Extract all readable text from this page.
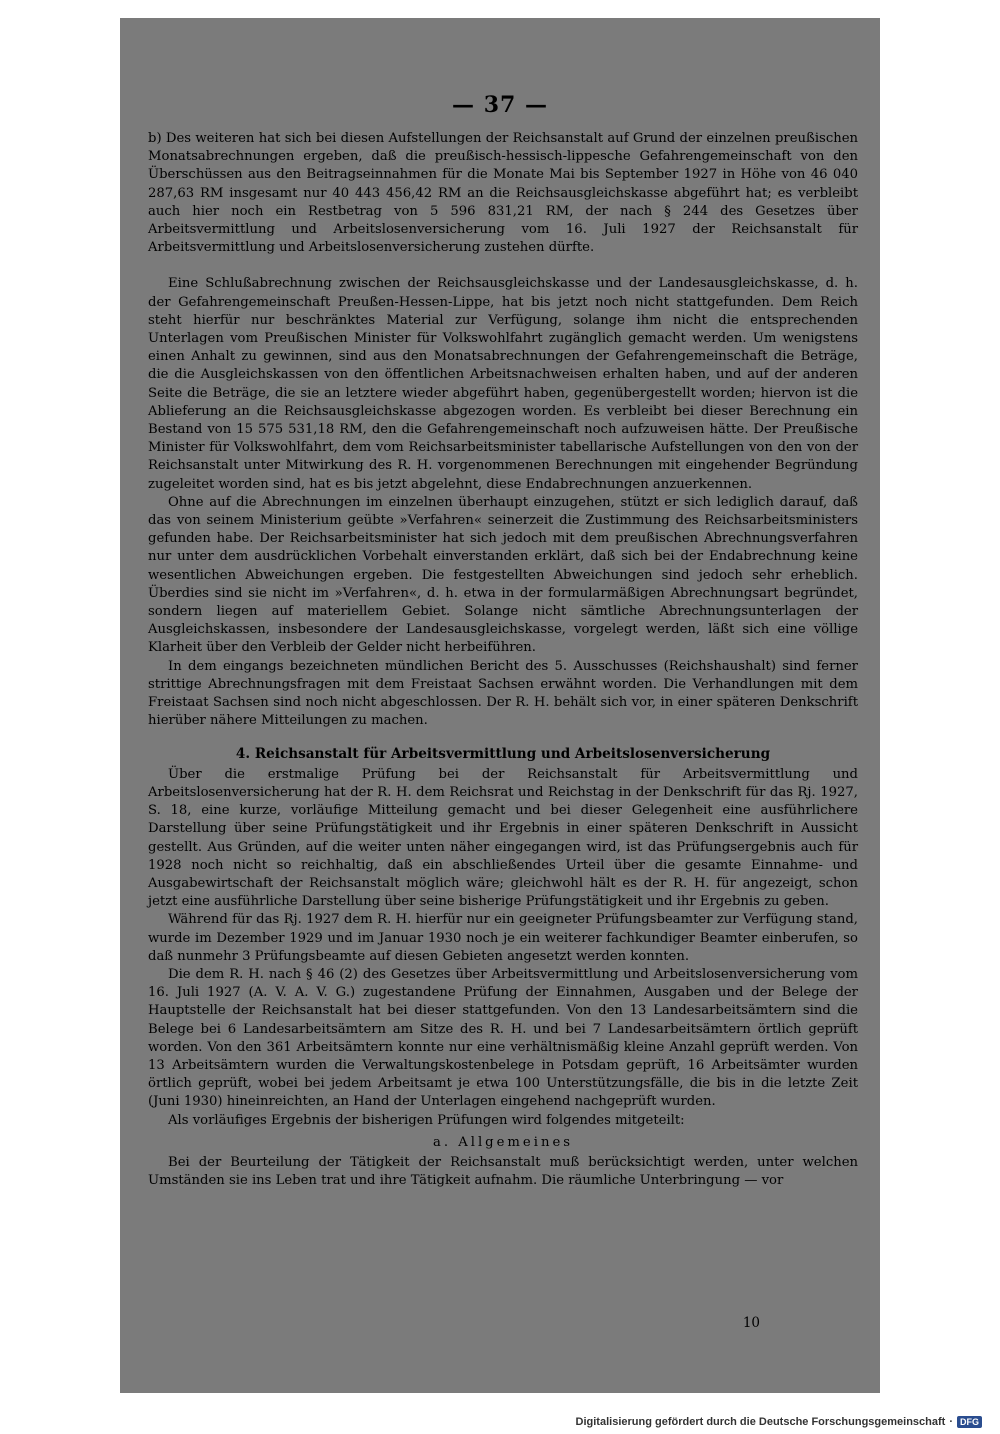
— 37 —

b) Des weiteren hat sich bei diesen Aufstellungen der Reichsanstalt auf Grund der einzelnen preußischen Monatsabrechnungen ergeben, daß die preußisch-hessisch-lippesche Gefahrengemeinschaft von den Überschüssen aus den Beitragseinnahmen für die Monate Mai bis September 1927 in Höhe von 46 040 287,63 RM insgesamt nur 40 443 456,42 RM an die Reichsausgleichskasse abgeführt hat; es verbleibt auch hier noch ein Restbetrag von 5 596 831,21 RM, der nach § 244 des Gesetzes über Arbeitsvermittlung und Arbeitslosenversicherung vom 16. Juli 1927 der Reichsanstalt für Arbeitsvermittlung und Arbeitslosenversicherung zustehen dürfte.

Eine Schlußabrechnung zwischen der Reichsausgleichskasse und der Landesausgleichskasse, d. h. der Gefahrengemeinschaft Preußen-Hessen-Lippe, hat bis jetzt noch nicht stattgefunden. Dem Reich steht hierfür nur beschränktes Material zur Verfügung, solange ihm nicht die entsprechenden Unterlagen vom Preußischen Minister für Volkswohlfahrt zugänglich gemacht werden. Um wenigstens einen Anhalt zu gewinnen, sind aus den Monatsabrechnungen der Gefahrengemeinschaft die Beträge, die die Ausgleichskassen von den öffentlichen Arbeitsnachweisen erhalten haben, und auf der anderen Seite die Beträge, die sie an letztere wieder abgeführt haben, gegenübergestellt worden; hiervon ist die Ablieferung an die Reichsausgleichskasse abgezogen worden. Es verbleibt bei dieser Berechnung ein Bestand von 15 575 531,18 RM, den die Gefahrengemeinschaft noch aufzuweisen hätte. Der Preußische Minister für Volkswohlfahrt, dem vom Reichsarbeitsminister tabellarische Aufstellungen von den von der Reichsanstalt unter Mitwirkung des R. H. vorgenommenen Berechnungen mit eingehender Begründung zugeleitet worden sind, hat es bis jetzt abgelehnt, diese Endabrechnungen anzuerkennen.

Ohne auf die Abrechnungen im einzelnen überhaupt einzugehen, stützt er sich lediglich darauf, daß das von seinem Ministerium geübte »Verfahren« seinerzeit die Zustimmung des Reichsarbeitsministers gefunden habe. Der Reichsarbeitsminister hat sich jedoch mit dem preußischen Abrechnungsverfahren nur unter dem ausdrücklichen Vorbehalt einverstanden erklärt, daß sich bei der Endabrechnung keine wesentlichen Abweichungen ergeben. Die festgestellten Abweichungen sind jedoch sehr erheblich. Überdies sind sie nicht im »Verfahren«, d. h. etwa in der formularmäßigen Abrechnungsart begründet, sondern liegen auf materiellem Gebiet. Solange nicht sämtliche Abrechnungsunterlagen der Ausgleichskassen, insbesondere der Landesausgleichskasse, vorgelegt werden, läßt sich eine völlige Klarheit über den Verbleib der Gelder nicht herbeiführen.

In dem eingangs bezeichneten mündlichen Bericht des 5. Ausschusses (Reichshaushalt) sind ferner strittige Abrechnungsfragen mit dem Freistaat Sachsen erwähnt worden. Die Verhandlungen mit dem Freistaat Sachsen sind noch nicht abgeschlossen. Der R. H. behält sich vor, in einer späteren Denkschrift hierüber nähere Mitteilungen zu machen.

4. Reichsanstalt für Arbeitsvermittlung und Arbeitslosenversicherung

Über die erstmalige Prüfung bei der Reichsanstalt für Arbeitsvermittlung und Arbeitslosenversicherung hat der R. H. dem Reichsrat und Reichstag in der Denkschrift für das Rj. 1927, S. 18, eine kurze, vorläufige Mitteilung gemacht und bei dieser Gelegenheit eine ausführlichere Darstellung über seine Prüfungstätigkeit und ihr Ergebnis in einer späteren Denkschrift in Aussicht gestellt. Aus Gründen, auf die weiter unten näher eingegangen wird, ist das Prüfungsergebnis auch für 1928 noch nicht so reichhaltig, daß ein abschließendes Urteil über die gesamte Einnahme- und Ausgabewirtschaft der Reichsanstalt möglich wäre; gleichwohl hält es der R. H. für angezeigt, schon jetzt eine ausführliche Darstellung über seine bisherige Prüfungstätigkeit und ihr Ergebnis zu geben.

Während für das Rj. 1927 dem R. H. hierfür nur ein geeigneter Prüfungsbeamter zur Verfügung stand, wurde im Dezember 1929 und im Januar 1930 noch je ein weiterer fachkundiger Beamter einberufen, so daß nunmehr 3 Prüfungsbeamte auf diesen Gebieten angesetzt werden konnten.

Die dem R. H. nach § 46 (2) des Gesetzes über Arbeitsvermittlung und Arbeitslosenversicherung vom 16. Juli 1927 (A. V. A. V. G.) zugestandene Prüfung der Einnahmen, Ausgaben und der Belege der Hauptstelle der Reichsanstalt hat bei dieser stattgefunden. Von den 13 Landesarbeitsämtern sind die Belege bei 6 Landesarbeitsämtern am Sitze des R. H. und bei 7 Landesarbeitsämtern örtlich geprüft worden. Von den 361 Arbeitsämtern konnte nur eine verhältnismäßig kleine Anzahl geprüft werden. Von 13 Arbeitsämtern wurden die Verwaltungskostenbelege in Potsdam geprüft, 16 Arbeitsämter wurden örtlich geprüft, wobei bei jedem Arbeitsamt je etwa 100 Unterstützungsfälle, die bis in die letzte Zeit (Juni 1930) hineinreichten, an Hand der Unterlagen eingehend nachgeprüft wurden.

Als vorläufiges Ergebnis der bisherigen Prüfungen wird folgendes mitgeteilt:

a. Allgemeines

Bei der Beurteilung der Tätigkeit der Reichsanstalt muß berücksichtigt werden, unter welchen Umständen sie ins Leben trat und ihre Tätigkeit aufnahm. Die räumliche Unterbringung — vor

10
Digitalisierung gefördert durch die Deutsche Forschungsgemeinschaft · DFG
